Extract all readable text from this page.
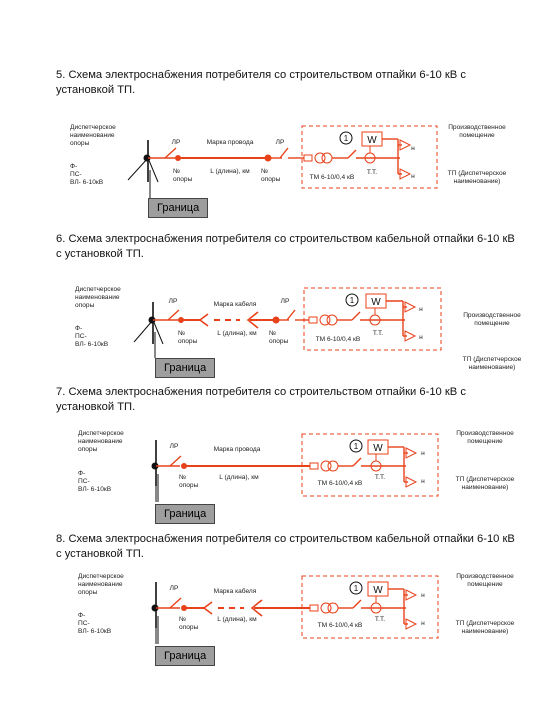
5. Схема электроснабжения потребителя со строительством отпайки 6-10 кВ с установкой ТП.
Диспетчерское наименование опоры
Ф-
ПС-
ВЛ- 6-10кВ
ЛР	Марка провода	ЛР
№
опоры
L (длина), км	№
опоры	ТМ 6-10/0,4 кВ
Т.Т.
н
н
Производственное помещение
ТП (Диспетчерское наименование)
Граница
1 W
6. Схема электроснабжения потребителя со строительством кабельной отпайки 6-10 кВ с установкой ТП.
Диспетчерское наименование опоры
Ф-
ПС-
ВЛ- 6-10кВ
ЛР	Марка кабеля	ЛР
№
опоры
L (длина), км	№
опоры	ТМ 6-10/0,4 кВ
Т.Т.
н
н
Производственное помещение
ТП (Диспетчерское наименование)
Граница
1 W
7. Схема электроснабжения потребителя со строительством отпайки 6-10 кВ с установкой ТП.
Диспетчерское наименование опоры
Ф-
ПС-
ВЛ- 6-10кВ
ЛР	Марка провода
№
опоры
L (длина), км
ТМ 6-10/0,4 кВ
Т.Т.
н
н
Производственное помещение
ТП (Диспетчерское наименование)
Граница
1 W
8. Схема электроснабжения потребителя со строительством кабельной отпайки 6-10 кВ с установкой ТП.
Диспетчерское наименование опоры
Ф-
ПС-
ВЛ- 6-10кВ
ЛР	Марка кабеля
№
опоры
L (длина), км
ТМ 6-10/0,4 кВ
Т.Т.
н
н
Производственное помещение
ТП (Диспетчерское наименование)
Граница
1 W
